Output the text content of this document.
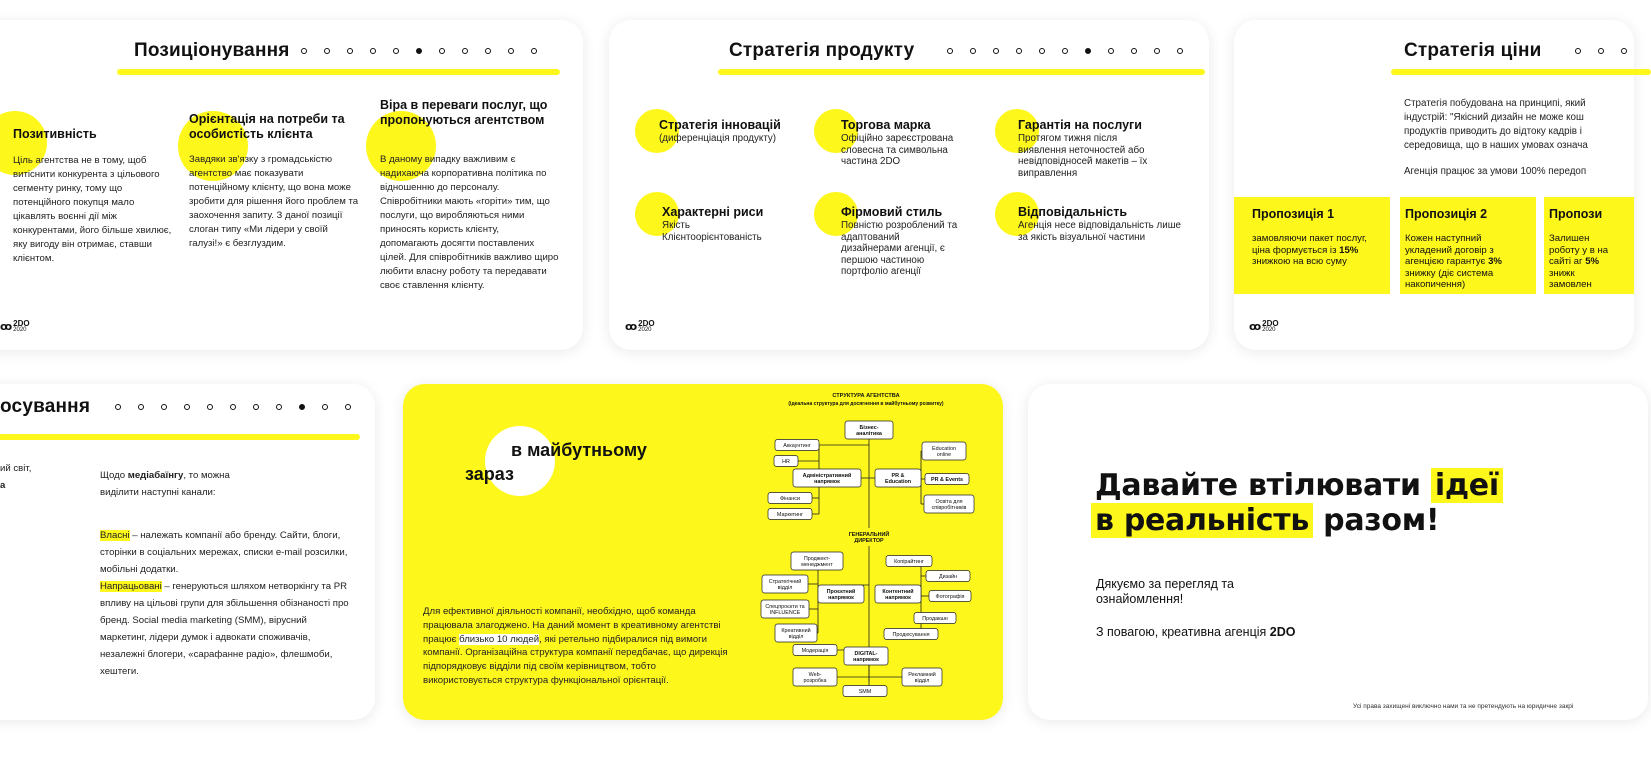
Позиціонування
Позитивність
Ціль агентства не в тому, щоб витіснити конкурента з цільового сегменту ринку, тому що потенційного покупця мало цікавлять воєнні дії між конкурентами, його більше хвилює, яку вигоду він отримає, ставши клієнтом.
Орієнтація на потреби та особистість клієнта
Завдяки зв'язку з громадськістю агентство має показувати потенційному клієнту, що вона може зробити для рішення його проблем та заохочення запиту. З даної позиції слоган типу «Ми лідери у своїй галузі!» є безглуздим.
Віра в переваги послуг, що пропонуються агентством
В даному випадку важливим є надихаюча корпоративна політика по відношенню до персоналу. Співробітники мають «горіти» тим, що послуги, що виробляються ними приносять користь клієнту, допомагають досягти поставлених цілей. Для співробітників важливо щиро любити власну роботу та передавати своє ставлення клієнту.
ꝏ 2DO
2020
Стратегія продукту
Стратегія інновацій
(диференціація продукту)
Торгова марка
Офіційно зареєстрована словесна та символьна частина 2DO
Гарантія на послуги
Протягом тижня після виявлення неточностей або невідповідносей макетів – їх виправлення
Характерні риси
Якість Клієнтоорієнтованість
Фірмовий стиль
Повністю розроблений та адаптований дизайнерами агенції, є першою частиною портфоліо агенції
Відповідальність
Агенція несе відповідальність лише за якість візуальної частини
ꝏ 2DO
2020
Стратегія ціни
Стратегія побудована на принципі, який індустрій: "Якісний дизайн не може кош продуктів приводить до відтоку кадрів і середовища, що в наших умовах означа
Агенція працює за умови 100% передоп
Пропозиція 1
замовляючи пакет послуг, ціна формується із 15% знижкою на всю суму
Пропозиція 2
Кожен наступний укладений договір з агенцією гарантує 3% знижку (діє система накопичення)
Пропози
Залишен роботу у в на сайті аг 5% знижк замовлен
ꝏ 2DO
2020
осування
ий світ,
а
Щодо медіабаїнгу, то можна виділити наступні канали:
Власні – належать компанії або бренду. Сайти, блоги, сторінки в соціальних мережах, списки e-mail розсилки, мобільні додатки.
Напрацьовані – генеруються шляхом нетворкінгу та PR впливу на цільові групи для збільшення обізнаності про бренд. Social media marketing (SMM), вірусний маркетинг, лідери думок і адвокати споживачів, незалежні блогери, «сарафанне радіо», флешмоби, хештеги.
в майбутньому
зараз
Для ефективної діяльності компанії, необхідно, щоб команда працювала злагоджено. На даний момент в креативному агентстві працює близько 10 людей, які ретельно підбиралися під вимоги компанії. Організаційна структура компанії передбачає, що дирекція підпорядковує відділи під своїм керівництвом, тобто використовується структура функціональної орієнтації.
СТРУКТУРА АГЕНТСТВА
(ідеальна структура для досягнення в майбутньому розвитку)
Бізнес-аналітика
Аккаунтинг
HR
Адміністративний напрямок
Фінанси
Маркетинг
PR & Education
Education online
PR & Events
Освіта для співробітників
ГЕНЕРАЛЬНИЙ ДИРЕКТОР
Проджект-менеджмент
Стратегічний відділ
Спецпроєкти та INFLUENCE
Креативний відділ
Проєктний напрямок
Модерація
Контентний напрямок
Копірайтинг
Дизайн
Фотографія
Продакшн
Продюсування
DIGITAL-напрямок
Web-розробка
Рекламний відділ
SMM
Давайте втілювати ідеї
в реальність разом!
Дякуємо за перегляд та ознайомлення!
З повагою, креативна агенція 2DO
Усі права захищені виключно нами та не претендують на юридичне закрі
